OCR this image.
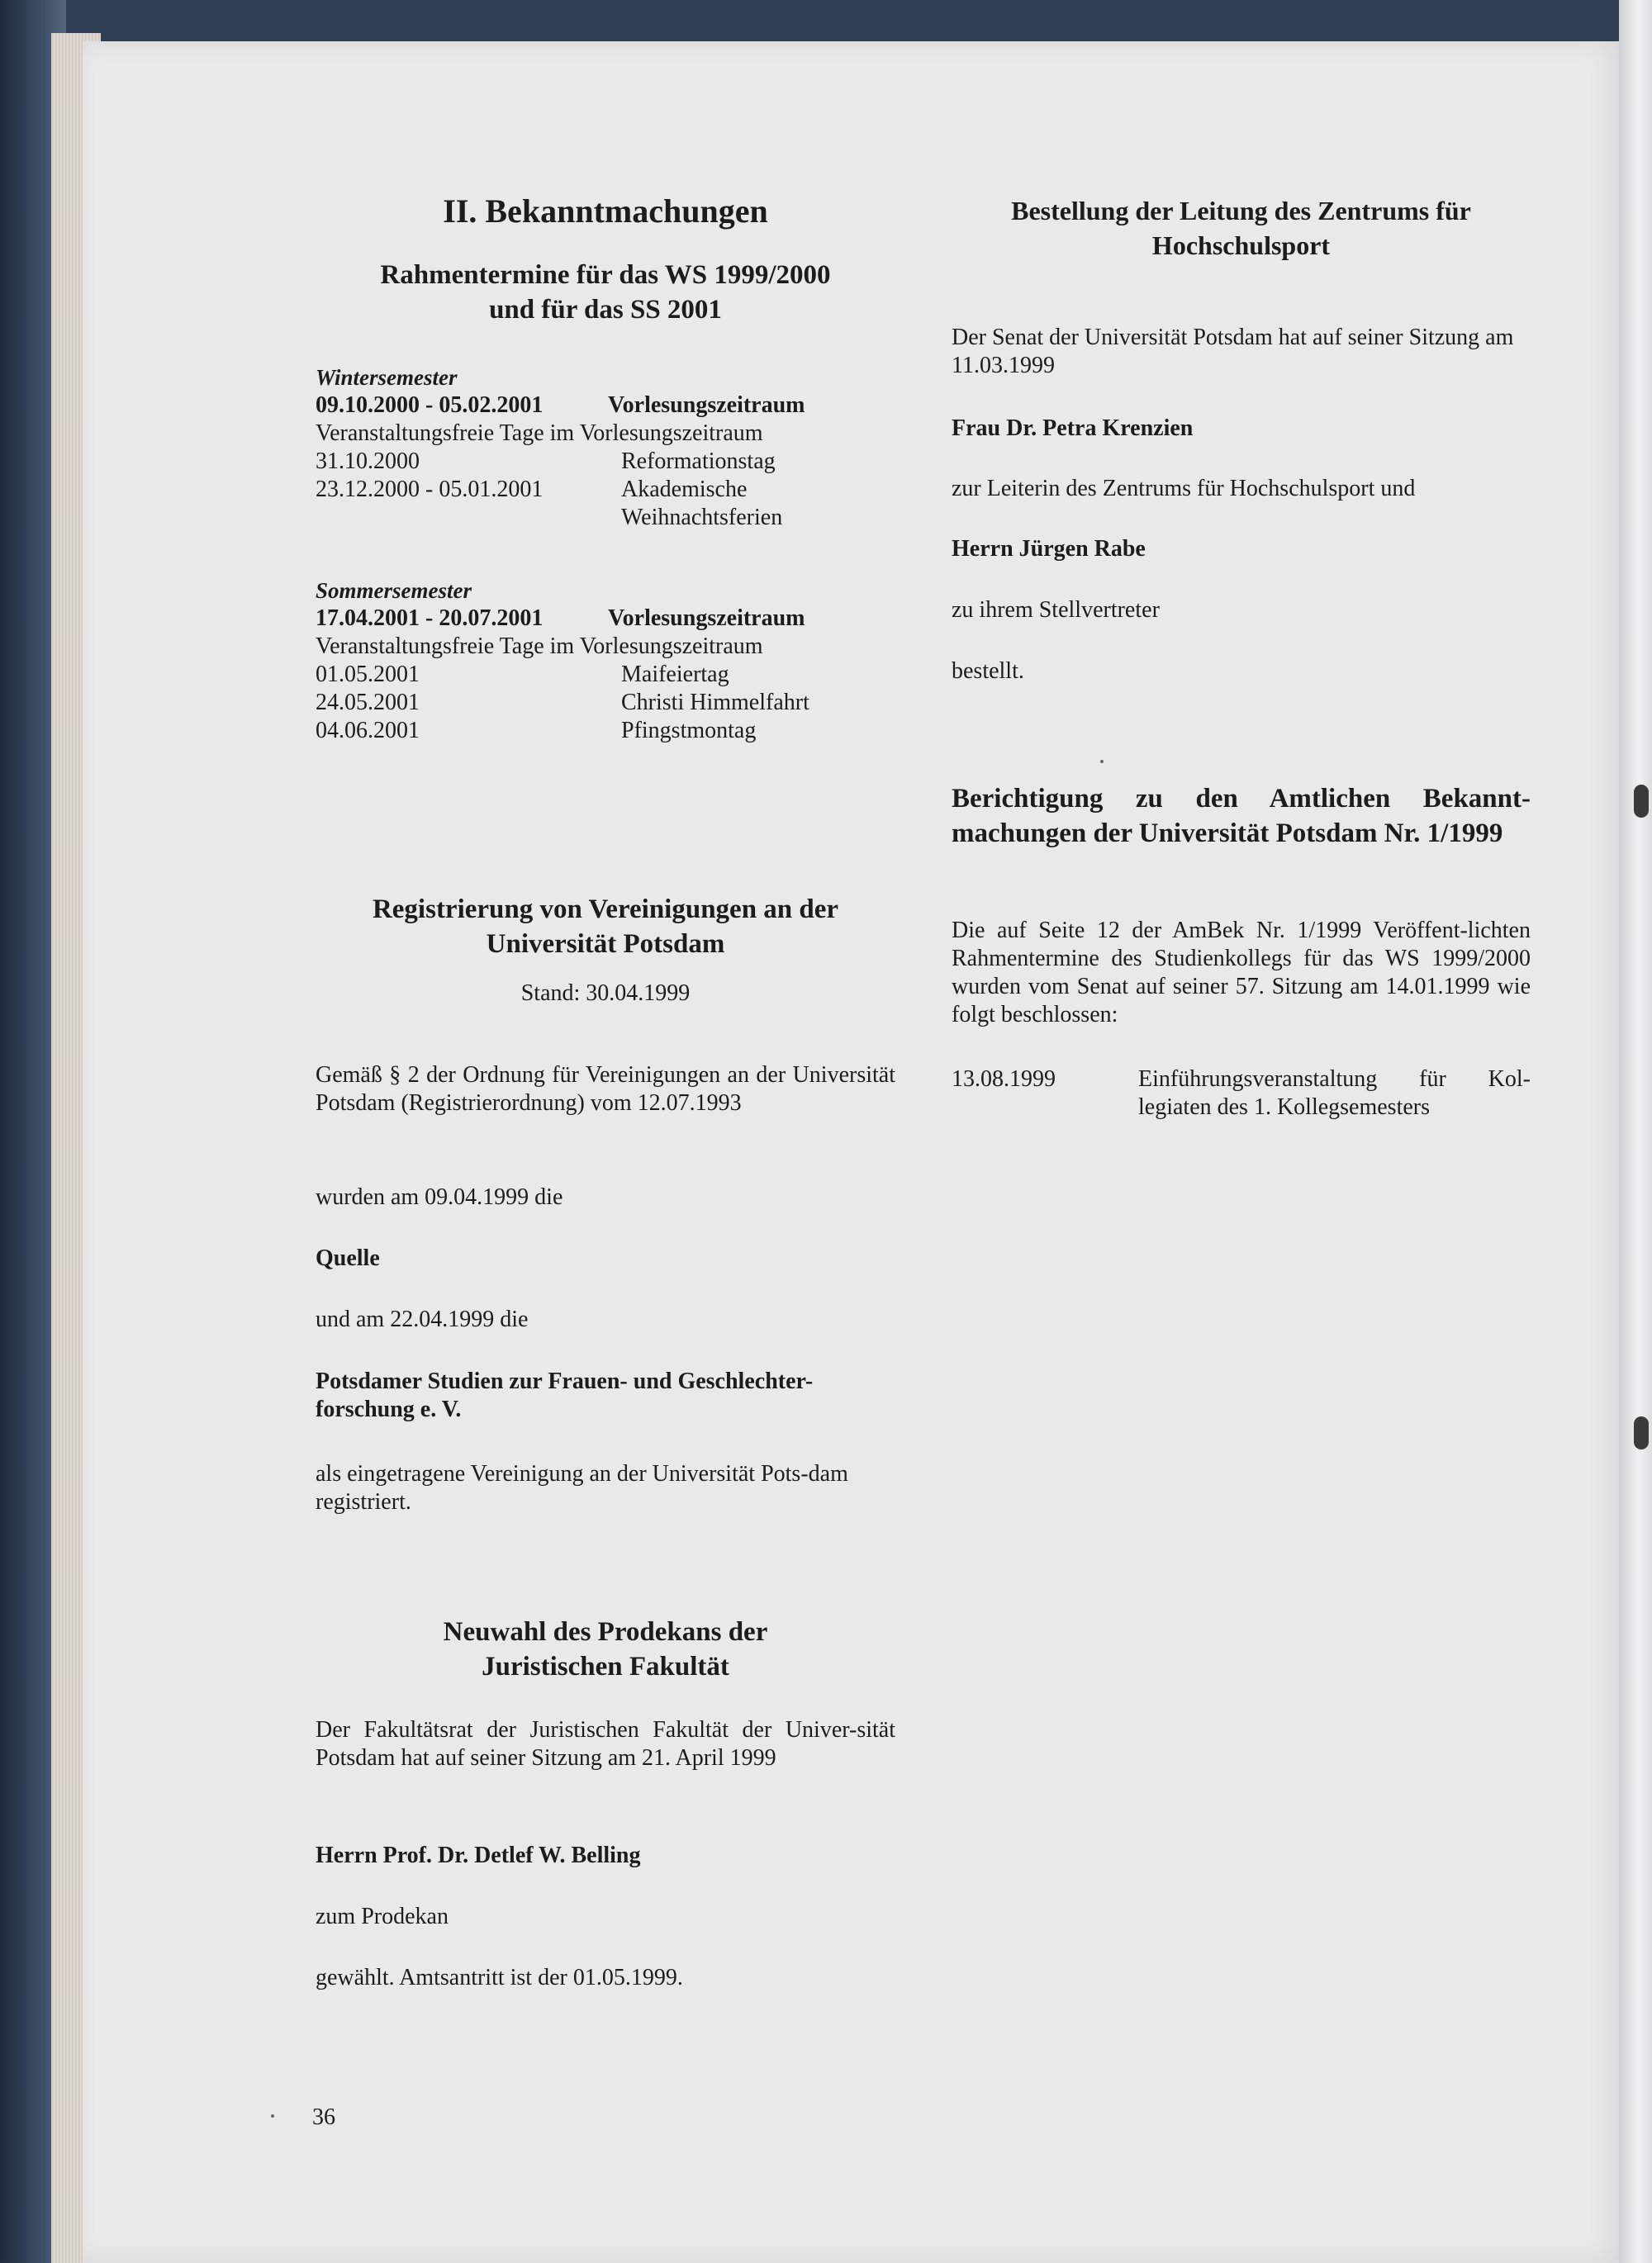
II. Bekanntmachungen
Rahmentermine für das WS 1999/2000
und für das SS 2001

Wintersemester

09.10.2000 - 05.02.2001	Vorlesungszeitraum
Veranstaltungsfreie Tage im Vorlesungszeitraum
31.10.2000	Reformationstag
23.12.2000 - 05.01.2001	Akademische
Weihnachtsferien

Sommersemester

17.04.2001 - 20.07.2001	Vorlesungszeitraum
Veranstaltungsfreie Tage im Vorlesungszeitraum
01.05.2001	Maifeiertag
24.05.2001	Christi Himmelfahrt
04.06.2001	Pfingstmontag
Registrierung von Vereinigungen an der
Universität Potsdam

Stand: 30.04.1999

Gemäß § 2 der Ordnung für Vereinigungen an der Universität Potsdam (Registrierordnung) vom 12.07.1993

wurden am 09.04.1999 die

Quelle

und am 22.04.1999 die

Potsdamer Studien zur Frauen- und Geschlechter-forschung e. V.

als eingetragene Vereinigung an der Universität Pots-dam registriert.

Neuwahl des Prodekans der
Juristischen Fakultät

Der Fakultätsrat der Juristischen Fakultät der Univer-sität Potsdam hat auf seiner Sitzung am 21. April 1999

Herrn Prof. Dr. Detlef W. Belling

zum Prodekan

gewählt. Amtsantritt ist der 01.05.1999.

Bestellung der Leitung des Zentrums für
Hochschulsport

Der Senat der Universität Potsdam hat auf seiner Sitzung am 11.03.1999

Frau Dr. Petra Krenzien

zur Leiterin des Zentrums für Hochschulsport und

Herrn Jürgen Rabe

zu ihrem Stellvertreter

bestellt.

Berichtigung zu den Amtlichen Bekannt-machungen der Universität Potsdam Nr. 1/1999

Die auf Seite 12 der AmBek Nr. 1/1999 Veröffent-lichten Rahmentermine des Studienkollegs für das WS 1999/2000 wurden vom Senat auf seiner 57. Sitzung am 14.01.1999 wie folgt beschlossen:

13.08.1999	Einführungsveranstaltung für Kol-legiaten des 1. Kollegsemesters
36
